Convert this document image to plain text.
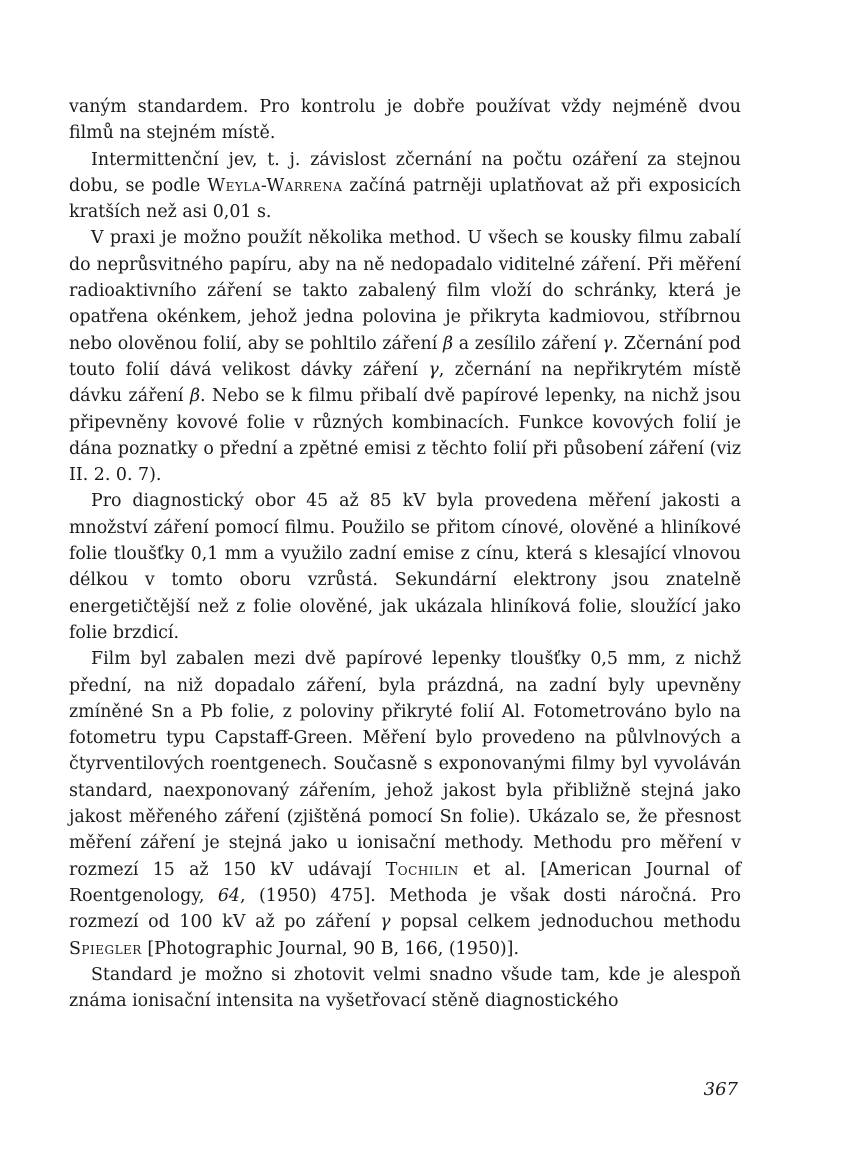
vaným standardem. Pro kontrolu je dobře používat vždy nejméně dvou filmů na stejném místě.

Intermittenční jev, t. j. závislost zčernání na počtu ozáření za stejnou dobu, se podle Weyla-Warrena začíná patrněji uplatňovat až při exposicích kratších než asi 0,01 s.

V praxi je možno použít několika method. U všech se kousky filmu zabalí do neprůsvitného papíru, aby na ně nedopadalo viditelné záření. Při měření radioaktivního záření se takto zabalený film vloží do schránky, která je opatřena okénkem, jehož jedna polovina je přikryta kadmiovou, stříbrnou nebo olověnou folií, aby se pohltilo záření β a zesílilo záření γ. Zčernání pod touto folií dává velikost dávky záření γ, zčernání na nepřikrytém místě dávku záření β. Nebo se k filmu přibalí dvě papírové lepenky, na nichž jsou připevněny kovové folie v různých kombinacích. Funkce kovových folií je dána poznatky o přední a zpětné emisi z těchto folií při působení záření (viz II. 2. 0. 7).

Pro diagnostický obor 45 až 85 kV byla provedena měření jakosti a množství záření pomocí filmu. Použilo se přitom cínové, olověné a hliníkové folie tloušťky 0,1 mm a využilo zadní emise z cínu, která s klesající vlnovou délkou v tomto oboru vzrůstá. Sekundární elektrony jsou znatelně energetičtější než z folie olověné, jak ukázala hliníková folie, sloužící jako folie brzdicí.

Film byl zabalen mezi dvě papírové lepenky tloušťky 0,5 mm, z nichž přední, na niž dopadalo záření, byla prázdná, na zadní byly upevněny zmíněné Sn a Pb folie, z poloviny přikryté folií Al. Fotometrováno bylo na fotometru typu Capstaff-Green. Měření bylo provedeno na půlvlnových a čtyrventilových roentgenech. Současně s exponovanými filmy byl vyvoláván standard, naexponovaný zářením, jehož jakost byla přibližně stejná jako jakost měřeného záření (zjištěná pomocí Sn folie). Ukázalo se, že přesnost měření záření je stejná jako u ionisační methody. Methodu pro měření v rozmezí 15 až 150 kV udávají Tochilin et al. [American Journal of Roentgenology, 64, (1950) 475]. Methoda je však dosti náročná. Pro rozmezí od 100 kV až po záření γ popsal celkem jednoduchou methodu Spiegler [Photographic Journal, 90 B, 166, (1950)].

Standard je možno si zhotovit velmi snadno všude tam, kde je alespoň známa ionisační intensita na vyšetřovací stěně diagnostického

367
